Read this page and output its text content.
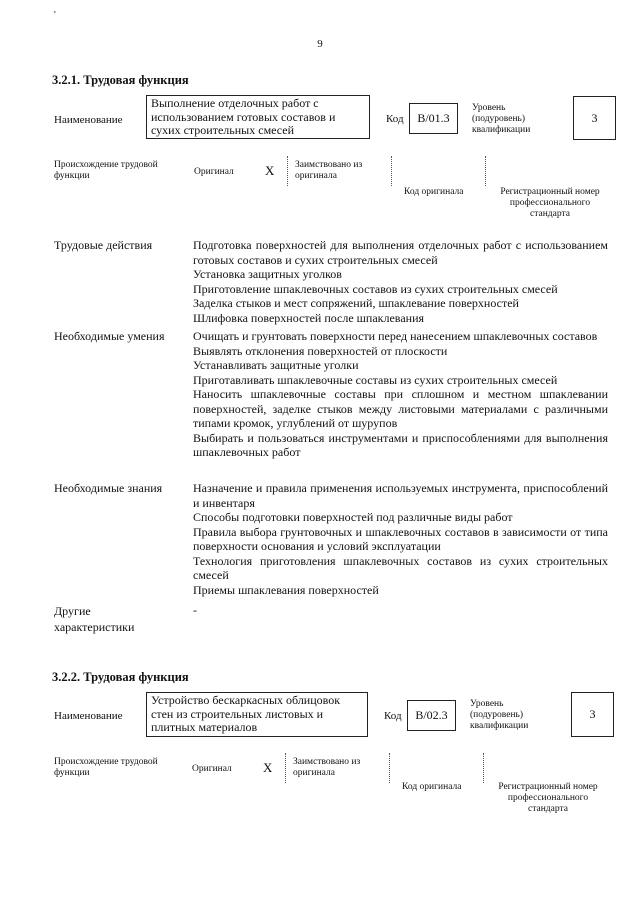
'
9
3.2.1. Трудовая функция
Наименование
Выполнение отделочных работ с использованием готовых составов и сухих строительных смесей
Код	B/01.3
Уровень (подуровень) квалификации
3
Происхождение трудовой функции	Оригинал X Заимствовано из оригинала
Код оригинала	Регистрационный номер профессионального стандарта
Трудовые действия	Подготовка поверхностей для выполнения отделочных работ с использованием готовых составов и сухих строительных смесей
Установка защитных уголков
Приготовление шпаклевочных составов из сухих строительных смесей
Заделка стыков и мест сопряжений, шпаклевание поверхностей
Шлифовка поверхностей после шпаклевания
Необходимые умения Очищать и грунтовать поверхности перед нанесением шпаклевочных составов
Выявлять отклонения поверхностей от плоскости
Устанавливать защитные уголки
Приготавливать шпаклевочные составы из сухих строительных смесей
Наносить шпаклевочные составы при сплошном и местном шпаклевании поверхностей, заделке стыков между листовыми материалами с различными типами кромок, углублений от шурупов
Выбирать и пользоваться инструментами и приспособлениями для выполнения шпаклевочных работ
Необходимые знания	Назначение и правила применения используемых инструмента, приспособлений и инвентаря
Способы подготовки поверхностей под различные виды работ
Правила выбора грунтовочных и шпаклевочных составов в зависимости от типа поверхности основания и условий эксплуатации
Технология приготовления шпаклевочных составов из сухих строительных смесей
Приемы шпаклевания поверхностей
Другие характеристики
-
3.2.2. Трудовая функция
Наименование
Устройство бескаркасных облицовок стен из строительных листовых и плитных материалов
Код	B/02.3
Уровень (подуровень) квалификации
3
Происхождение трудовой функции	Оригинал X Заимствовано из оригинала
Код оригинала	Регистрационный номер профессионального стандарта
